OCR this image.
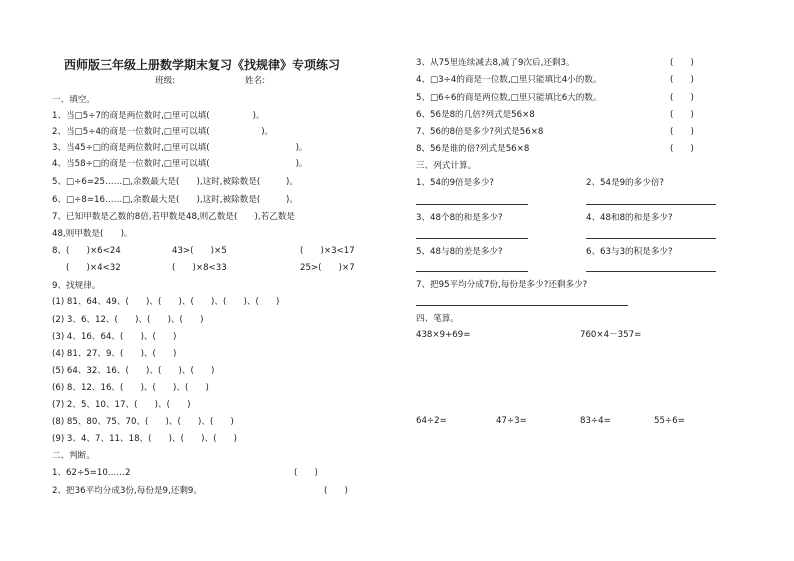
西师版三年级上册数学期末复习《找规律》专项练习
班级:	姓名:
一、填空。
1、当□5÷7的商是两位数时,□里可以填(　　　　　)。
2、当□5÷4的商是一位数时,□里可以填(　　　　　　)。
3、当45÷□的商是两位数时,□里可以填(　　　　　　　　　　)。
4、当58÷□的商是一位数时,□里可以填(　　　　　　　　　　)。
5、□÷6=25……□,余数最大是(　　),这时,被除数是(　　　)。
6、□÷8=16……□,余数最大是(　　),这时,被除数是(　　　)。
7、已知甲数是乙数的8倍,若甲数是48,则乙数是(　　),若乙数是
48,则甲数是(　　)。
8、(　　)×6<24	43>(　　)×5	(　　)×3<17
(　　)×4<32	(　　)×8<33	25>(　　)×7
9、找规律。
(1) 81、64、49、(　　)、(　　)、(　　)、(　　)、(　　)
(2) 3、6、12、(　　)、(　　)、(　　)
(3) 4、16、64、(　　)、(　　)
(4) 81、27、9、(　　)、(　　)
(5) 64、32、16、(　　)、(　　)、(　　)
(6) 8、12、16、(　　)、(　　)、(　　)
(7) 2、5、10、17、(　　)、(　　)
(8) 85、80、75、70、(　　)、(　　)、(　　)
(9) 3、4、7、11、18、(　　)、(　　)、(　　)
二、判断。
1、62÷5=10……2	(　　)
2、把36平均分成3份,每份是9,还剩9。	(　　)
3、从75里连续减去8,减了9次后,还剩3。	(　　)
4、□3÷4的商是一位数,□里只能填比4小的数。	(　　)
5、□6÷6的商是两位数,□里只能填比6大的数。	(　　)
6、56是8的几倍?列式是56×8	(　　)
7、56的8倍是多少?列式是56×8	(　　)
8、56是谁的倍?列式是56×8	(　　)
三、列式计算。
1、54的9倍是多少?	2、54是9的多少倍?
3、48个8的和是多少?	4、48和8的和是多少?
5、48与8的差是多少?	6、63与3的积是多少?
7、把95平均分成7份,每份是多少?还剩多少?
四、笔算。
438×9+69=	760×4－357=
64÷2=	47÷3=	83÷4=	55÷6=
